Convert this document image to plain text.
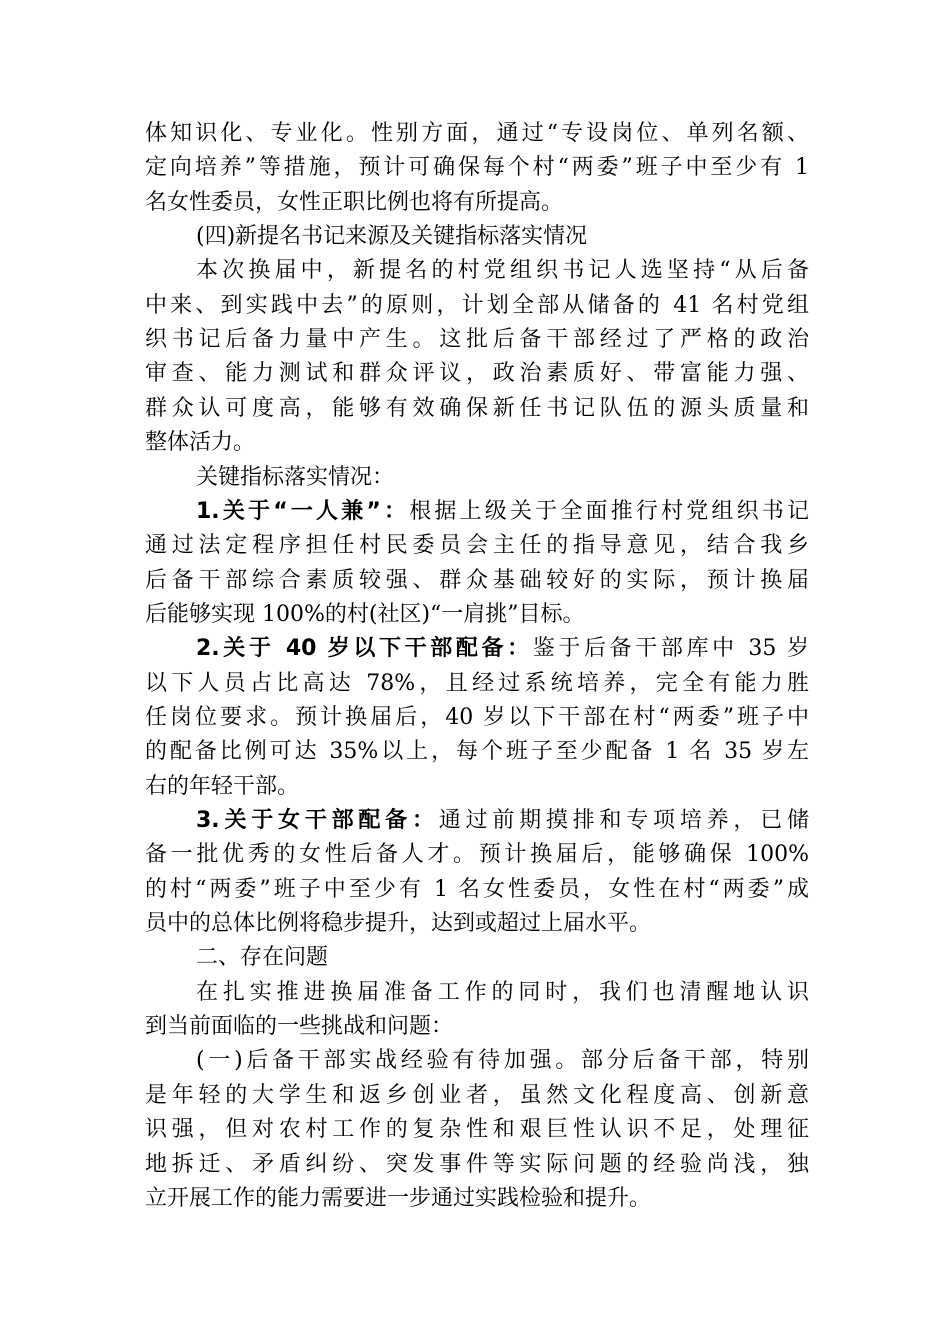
体知识化、专业化。性别方面，通过“专设岗位、单列名额、
定向培养”等措施，预计可确保每个村“两委”班子中至少有 1
名女性委员，女性正职比例也将有所提高。
(四)新提名书记来源及关键指标落实情况
本次换届中，新提名的村党组织书记人选坚持“从后备
中来、到实践中去”的原则，计划全部从储备的 41 名村党组
织书记后备力量中产生。这批后备干部经过了严格的政治
审查、能力测试和群众评议，政治素质好、带富能力强、
群众认可度高，能够有效确保新任书记队伍的源头质量和
整体活力。
关键指标落实情况：
1.关于“一人兼”：根据上级关于全面推行村党组织书记
通过法定程序担任村民委员会主任的指导意见，结合我乡
后备干部综合素质较强、群众基础较好的实际，预计换届
后能够实现 100%的村(社区)“一肩挑”目标。
2.关于 40 岁以下干部配备：鉴于后备干部库中 35 岁
以下人员占比高达 78%，且经过系统培养，完全有能力胜
任岗位要求。预计换届后，40 岁以下干部在村“两委”班子中
的配备比例可达 35%以上，每个班子至少配备 1 名 35 岁左
右的年轻干部。
3.关于女干部配备：通过前期摸排和专项培养，已储
备一批优秀的女性后备人才。预计换届后，能够确保 100%
的村“两委”班子中至少有 1 名女性委员，女性在村“两委”成
员中的总体比例将稳步提升，达到或超过上届水平。
二、存在问题
在扎实推进换届准备工作的同时，我们也清醒地认识
到当前面临的一些挑战和问题：
(一)后备干部实战经验有待加强。部分后备干部，特别
是年轻的大学生和返乡创业者，虽然文化程度高、创新意
识强，但对农村工作的复杂性和艰巨性认识不足，处理征
地拆迁、矛盾纠纷、突发事件等实际问题的经验尚浅，独
立开展工作的能力需要进一步通过实践检验和提升。
